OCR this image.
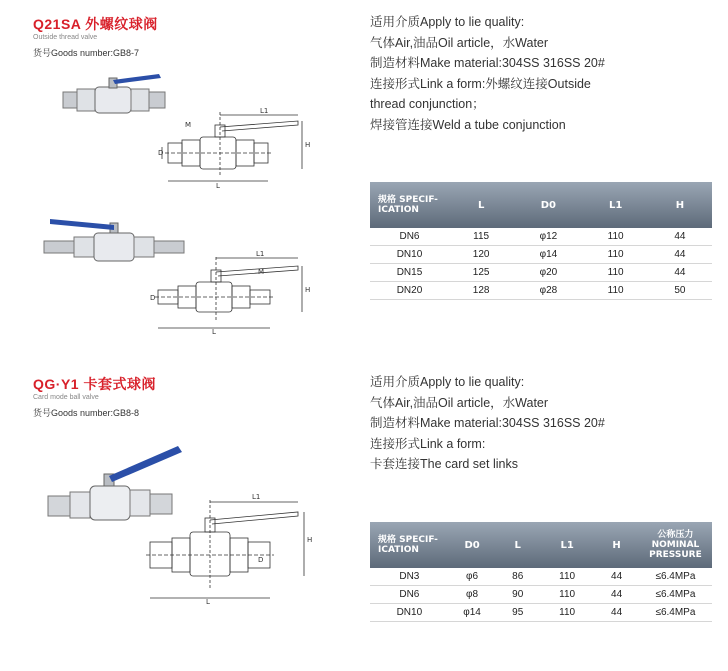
Q21SA 外螺纹球阀
Outside thread valve
货号Goods number:GB8-7
L
L1
H
D
M
L
L1
H
D
M
适用介质Apply to lie quality:
气体Air,油品Oil article，水Water
制造材料Make material:304SS 316SS 20#
连接形式Link a form:外螺纹连接Outside
thread conjunction；
焊接管连接Weld a tube conjunction
规格 SPECIF-ICATION	L	D0	L1	H
DN6	115	φ12	110	44
DN10	120	φ14	110	44
DN15	125	φ20	110	44
DN20	128	φ28	110	50
QG·Y1 卡套式球阀
Card mode ball valve
货号Goods number:GB8-8
L
L1
H
D
适用介质Apply to lie quality:
气体Air,油品Oil article，水Water
制造材料Make material:304SS 316SS 20#
连接形式Link a form:
卡套连接The card set links
规格 SPECIF-ICATION	D0	L	L1	H	公称压力 NOMINAL PRESSURE
DN3	φ6	86	110	44	≤6.4MPa
DN6	φ8	90	110	44	≤6.4MPa
DN10	φ14	95	110	44	≤6.4MPa
